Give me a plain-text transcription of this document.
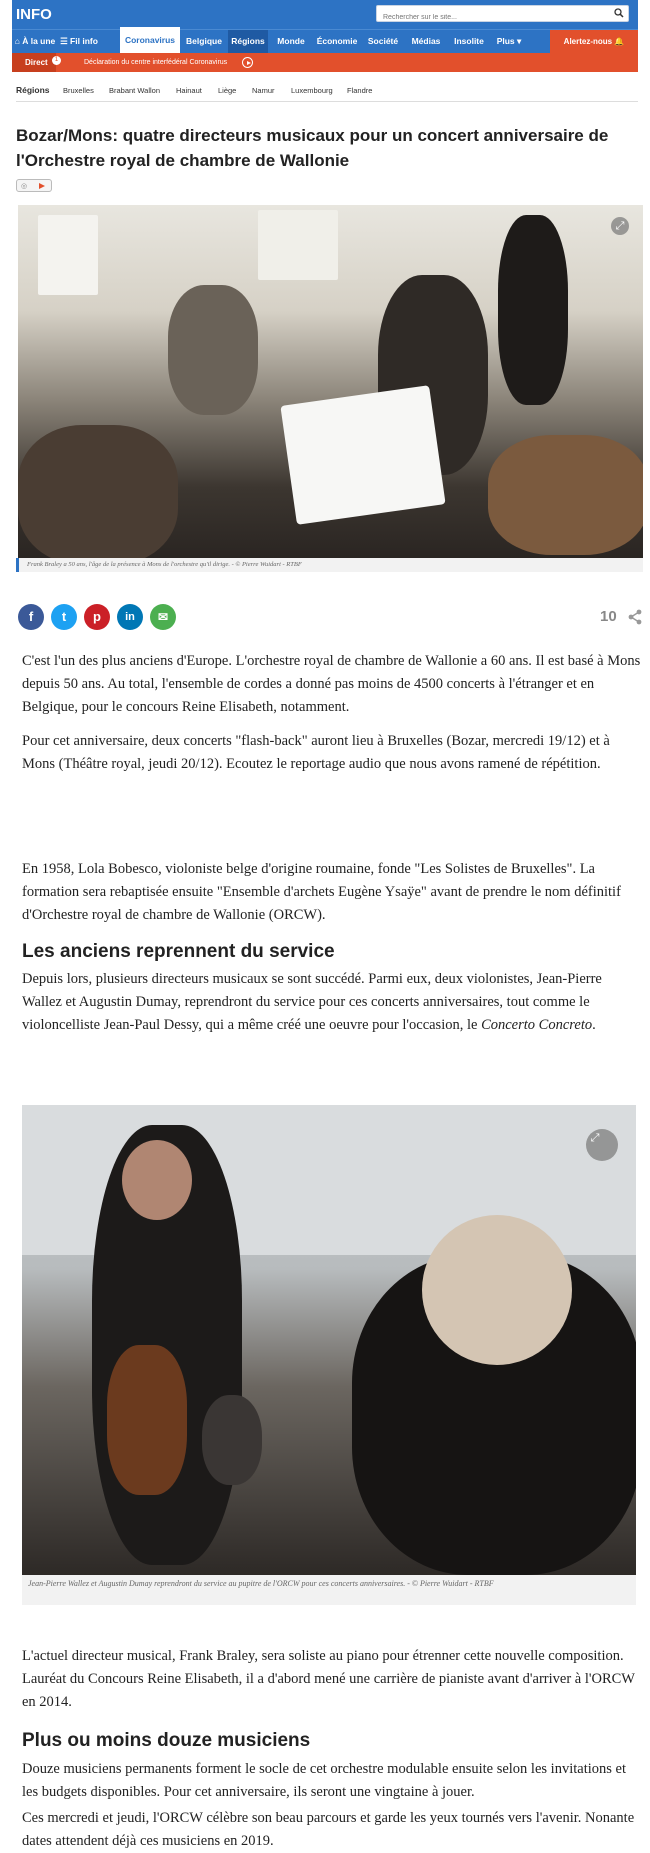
INFO
Rechercher sur le site...
⌂ À la une ☰ Fil info	Coronavirus	Belgique	Régions	Monde	Économie	Société	Médias	Insolite	Plus ▾	Alertez-nous 🔔
Direct	1	Déclaration du centre interfédéral Coronavirus
Régions Bruxelles Brabant Wallon Hainaut Liège Namur Luxembourg Flandre
Bozar/Mons: quatre directeurs musicaux pour un concert anniversaire de l'Orchestre royal de chambre de Wallonie
◎
⤢
Frank Braley a 50 ans, l'âge de la présence à Mons de l'orchestre qu'il dirige. - © Pierre Wuidart - RTBF
f	t	p	in	✉	10

C'est l'un des plus anciens d'Europe. L'orchestre royal de chambre de Wallonie a 60 ans. Il est basé à Mons depuis 50 ans. Au total, l'ensemble de cordes a donné pas moins de 4500 concerts à l'étranger et en Belgique, pour le concours Reine Elisabeth, notamment.

Pour cet anniversaire, deux concerts "flash-back" auront lieu à Bruxelles (Bozar, mercredi 19/12) et à Mons (Théâtre royal, jeudi 20/12). Ecoutez le reportage audio que nous avons ramené de répétition.

En 1958, Lola Bobesco, violoniste belge d'origine roumaine, fonde "Les Solistes de Bruxelles". La formation sera rebaptisée ensuite "Ensemble d'archets Eugène Ysaÿe" avant de prendre le nom définitif d'Orchestre royal de chambre de Wallonie (ORCW).

Les anciens reprennent du service

Depuis lors, plusieurs directeurs musicaux se sont succédé. Parmi eux, deux violonistes, Jean-Pierre Wallez et Augustin Dumay, reprendront du service pour ces concerts anniversaires, tout comme le violoncelliste Jean-Paul Dessy, qui a même créé une oeuvre pour l'occasion, le Concerto Concreto.

⤢
Jean-Pierre Wallez et Augustin Dumay reprendront du service au pupitre de l'ORCW pour ces concerts anniversaires. - © Pierre Wuidart - RTBF

L'actuel directeur musical, Frank Braley, sera soliste au piano pour étrenner cette nouvelle composition. Lauréat du Concours Reine Elisabeth, il a d'abord mené une carrière de pianiste avant d'arriver à l'ORCW en 2014.

Plus ou moins douze musiciens

Douze musiciens permanents forment le socle de cet orchestre modulable ensuite selon les invitations et les budgets disponibles. Pour cet anniversaire, ils seront une vingtaine à jouer.

Ces mercredi et jeudi, l'ORCW célèbre son beau parcours et garde les yeux tournés vers l'avenir. Nonante dates attendent déjà ces musiciens en 2019.
